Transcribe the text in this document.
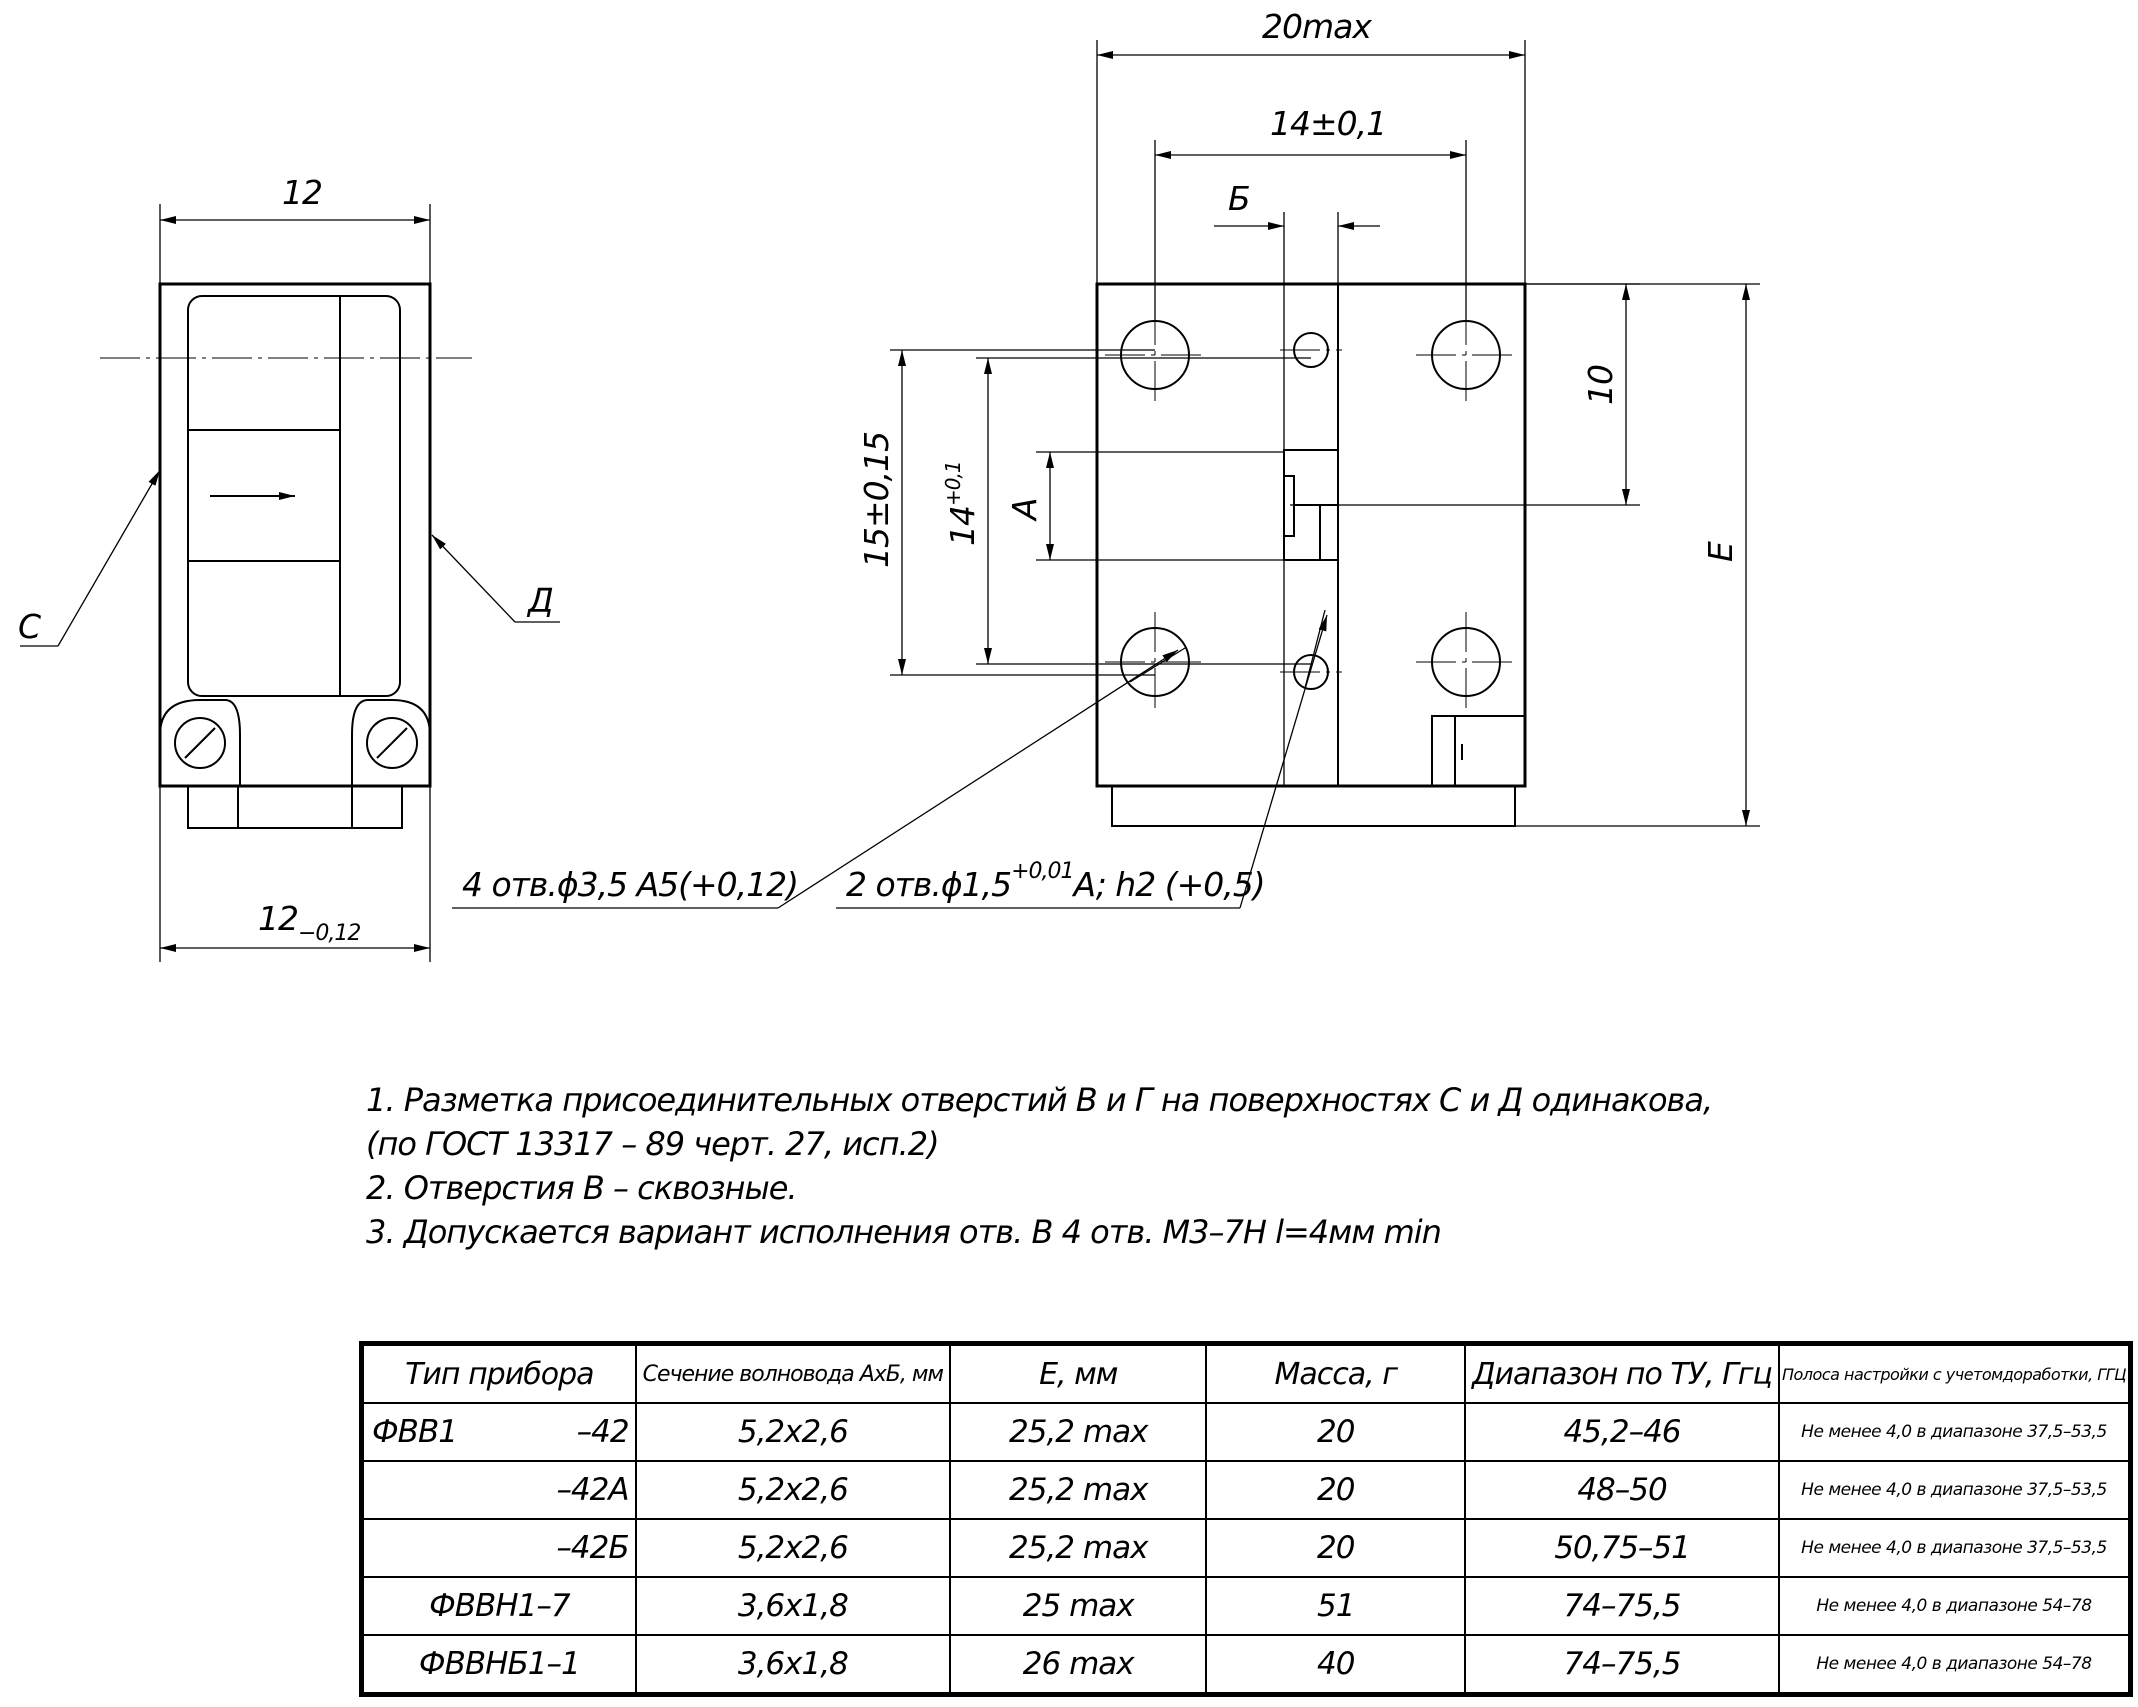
12
$12_{-0,12}$
C
Д
20max
14±0,1
Б
10
E
15±0,15 $14^{+0,1}$
A
4 отв.ϕ3,5 A5(+0,12) 2 $отв.\phi 1,5^{+0,01}A$; h2 (+0,5)
1. Разметка присоединительных отверстий В и Г на поверхностях С и Д одинакова,
(по ГОСТ 13317 – 89 черт. 27, исп.2)
2. Отверстия В – сквозные.
3. Допускается вариант исполнения отв. В 4 отв. М3–7Н l=4мм min
Тип прибора	Сечение волновода АхБ, мм	E, мм	Масса, г	Диапазон по ТУ, Ггц	Полоса настройки с учетомдоработки, ГГЦ

ФВВ1 –42	5,2х2,6	25,2 max	20	45,2–46	Не менее 4,0 в диапазоне 37,5–53,5
–42А	5,2х2,6	25,2 max	20	48–50	Не менее 4,0 в диапазоне 37,5–53,5
–42Б	5,2х2,6	25,2 max	20	50,75–51	Не менее 4,0 в диапазоне 37,5–53,5
ФВВН1–7	3,6х1,8	25 max	51	74–75,5	Не менее 4,0 в диапазоне 54–78
ФВВНБ1–1	3,6х1,8	26 max	40	74–75,5	Не менее 4,0 в диапазоне 54–78
